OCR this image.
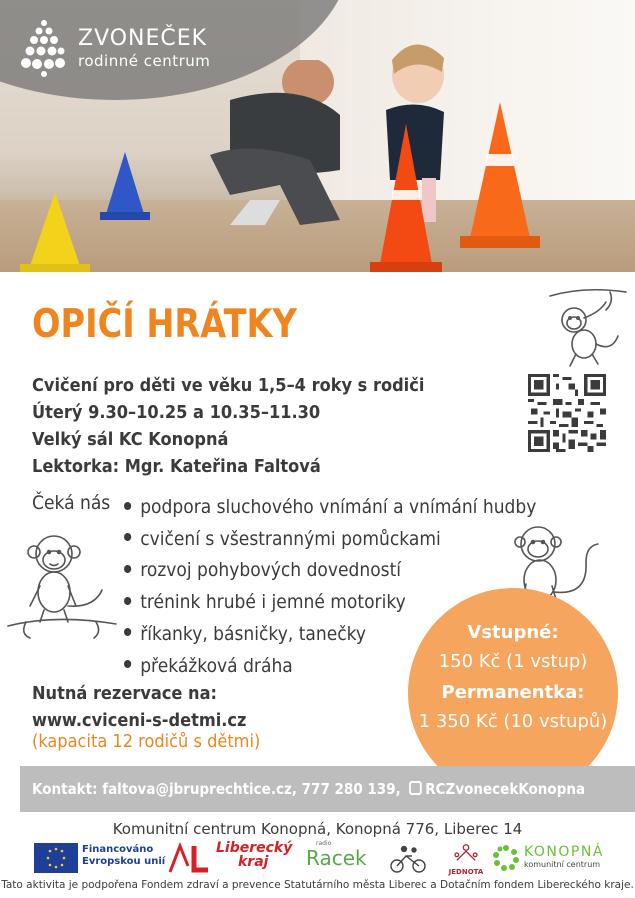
ZVONEČEK
rodinné centrum
OPIČÍ HRÁTKY
Cvičení pro děti ve věku 1,5–4 roky s rodiči
Úterý 9.30–10.25 a 10.35–11.30
Velký sál KC Konopná
Lektorka: Mgr. Kateřina Faltová
Čeká nás	podpora sluchového vnímání a vnímání hudby
cvičení s všestrannými pomůckami
rozvoj pohybových dovedností
trénink hrubé i jemné motoriky
říkanky, básničky, tanečky
překážková dráha
Nutná rezervace na:
www.cviceni-s-detmi.cz
(kapacita 12 rodičů s dětmi)
Vstupné:
150 Kč (1 vstup)
Permanentka:
1 350 Kč (10 vstupů)
Kontakt: faltova@jbruprechtice.cz, 777 280 139, RCZvonecekKonopna
Komunitní centrum Konopná, Konopná 776, Liberec 14
Financováno
Evropskou unií
Liberecký
kraj
radio
Racek
JEDNOTA
KONOPNÁ
komunitní centrum
Tato aktivita je podpořena Fondem zdraví a prevence Statutárního města Liberec a Dotačním fondem Libereckého kraje.
